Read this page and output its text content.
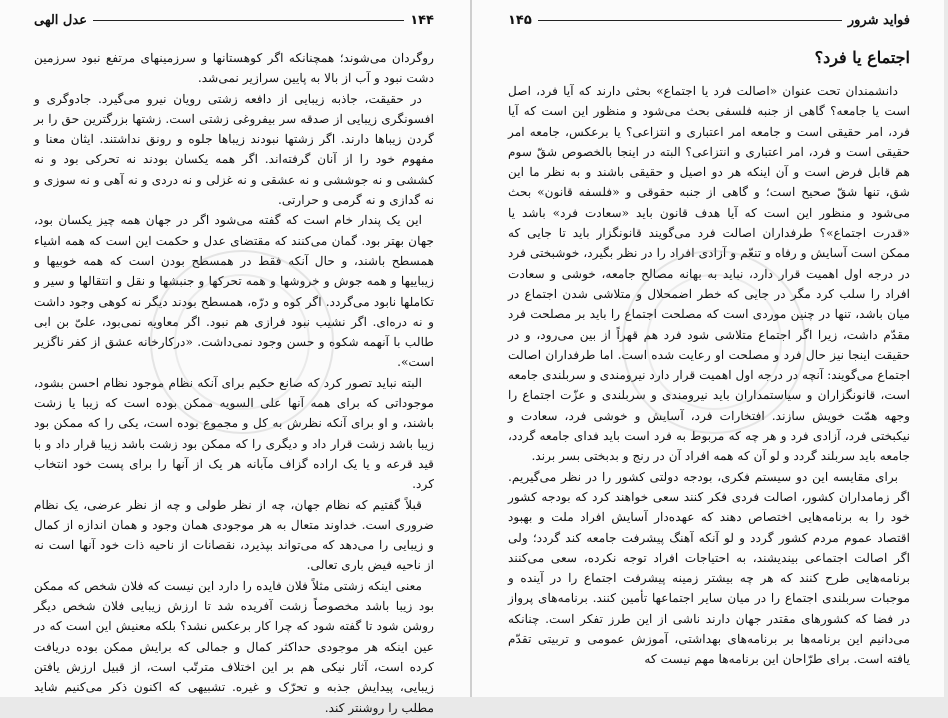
۱۴۴
عدل الهی

روگردان می‌شوند؛ همچنانکه اگر کوهستانها و سرزمینهای مرتفع نبود سرزمین دشت نبود و آب از بالا به پایین سرازیر نمی‌شد.

در حقیقت، جاذبه زیبایی از دافعه زشتی رویان نیرو می‌گیرد. جادوگری و افسونگری زیبایی از صدقه سر بیفروغی زشتی است. زشتها بزرگترین حق را بر گردن زیباها دارند. اگر زشتها نبودند زیباها جلوه و رونق نداشتند. ایثان معنا و مفهوم خود را از آنان گرفته‌اند. اگر همه یکسان بودند نه تحرکی بود و نه کششی و نه جوششی و نه عشقی و نه غزلی و نه دردی و نه آهی و نه سوزی و نه گدازی و نه گرمی و حرارتی.

این یک پندار خام است که گفته می‌شود اگر در جهان همه چیز یکسان بود، جهان بهتر بود. گمان می‌کنند که مقتضای عدل و حکمت این است که همه اشیاء همسطح باشند، و حال آنکه فقط در همسطح بودن است که همه خوبیها و زیباییها و همه جوش و خروشها و همه تحرکها و جنبشها و نقل و انتقالها و سیر و تکاملها نابود می‌گردد. اگر کوه و درّه، همسطح بودند دیگر نه کوهی وجود داشت و نه دره‌ای. اگر نشیب نبود فرازی هم نبود. اگر معاویه نمی‌بود، علیّ بن ابی طالب با آنهمه شکوه و حسن وجود نمی‌داشت. «درکارخانه عشق از کفر ناگزیر است».

البته نباید تصور کرد که صانع حکیم برای آنکه نظام موجود نظام احسن بشود، موجوداتی که برای همه آنها علی السویه ممکن بوده است که زیبا یا زشت باشند، و او برای آنکه نظرش به کل و مجموع بوده است، یکی را که ممکن بود زیبا باشد زشت قرار داد و دیگری را که ممکن بود زشت باشد زیبا قرار داد و با قید قرعه و یا یک اراده گزاف مآبانه هر یک از آنها را برای پست خود انتخاب کرد.

قبلاً گفتیم که نظام جهان، چه از نظر طولی و چه از نظر عرضی، یک نظام ضروری است. خداوند متعال به هر موجودی همان وجود و همان اندازه از کمال و زیبایی را می‌دهد که می‌تواند بپذیرد، نقصانات از ناحیه ذات خود آنها است نه از ناحیه فیض باری تعالی.

معنی اینکه زشتی مثلاً فلان فایده را دارد این نیست که فلان شخص که ممکن بود زیبا باشد مخصوصاً زشت آفریده شد تا ارزش زیبایی فلان شخص دیگر روشن شود تا گفته شود که چرا کار برعکس نشد؟ بلکه معنیش این است که در عین اینکه هر موجودی حداکثر کمال و جمالی که برایش ممکن بوده دریافت کرده است، آثار نیکی هم بر این اختلاف مترتّب است، از قبیل ارزش یافتن زیبایی، پیدایش جذبه و تحرّک و غیره. تشبیهی که اکنون ذکر می‌کنیم شاید مطلب را روشنتر کند.

فواید شرور
۱۴۵
اجتماع یا فرد؟

دانشمندان تحت عنوان «اصالت فرد یا اجتماع» بحثی دارند که آیا فرد، اصل است یا جامعه؟ گاهی از جنبه فلسفی بحث می‌شود و منظور این است که آیا فرد، امر حقیقی است و جامعه امر اعتباری و انتزاعی؟ یا برعکس، جامعه امر حقیقی است و فرد، امر اعتباری و انتزاعی؟ البته در اینجا بالخصوص شقّ سوم هم قابل فرض است و آن اینکه هر دو اصیل و حقیقی باشند و به نظر ما این شق، تنها شقّ صحیح است؛ و گاهی از جنبه حقوقی و «فلسفه قانون» بحث می‌شود و منظور این است که آیا هدف قانون باید «سعادت فرد» باشد یا «قدرت اجتماع»؟ طرفداران اصالت فرد می‌گویند قانونگزار باید تا جایی که ممکن است آسایش و رفاه و تنعّم و آزادی افراد را در نظر بگیرد، خوشبختی فرد در درجه اول اهمیت قرار دارد، نباید به بهانه مصالح جامعه، خوشی و سعادت افراد را سلب کرد مگر در جایی که خطر اضمحلال و متلاشی شدن اجتماع در میان باشد، تنها در چنین موردی است که مصلحت اجتماع را باید بر مصلحت فرد مقدّم داشت، زیرا اگر اجتماع متلاشی شود فرد هم قهراً از بین می‌رود، و در حقیقت اینجا نیز حال فرد و مصلحت او رعایت شده است. اما طرفداران اصالت اجتماع می‌گویند: آنچه در درجه اول اهمیت قرار دارد نیرومندی و سربلندی جامعه است، قانونگزاران و سیاستمداران باید نیرومندی و سربلندی و عزّت اجتماع را وجهه همّت خویش سازند. افتخارات فرد، آسایش و خوشی فرد، سعادت و نیکبختی فرد، آزادی فرد و هر چه که مربوط به فرد است باید فدای جامعه گردد، جامعه باید سربلند گردد و لو آن که همه افراد آن در رنج و بدبختی بسر برند.

برای مقایسه این دو سیستم فکری، بودجه دولتی کشور را در نظر می‌گیریم. اگر زمامداران کشور، اصالت فردی فکر کنند سعی خواهند کرد که بودجه کشور خود را به برنامه‌هایی اختصاص دهند که عهده‌دار آسایش افراد ملت و بهبود اقتصاد عموم مردم کشور گردد و لو آنکه آهنگ پیشرفت جامعه کند گردد؛ ولی اگر اصالت اجتماعی بیندیشند، به احتیاجات افراد توجه نکرده، سعی می‌کنند برنامه‌هایی طرح کنند که هر چه بیشتر زمینه پیشرفت اجتماع را در آینده و موجبات سربلندی اجتماع را در میان سایر اجتماعها تأمین کنند. برنامه‌های پرواز در فضا که کشورهای مقتدر جهان دارند ناشی از این طرز تفکر است. چنانکه می‌دانیم این برنامه‌ها بر برنامه‌های بهداشتی، آموزش عمومی و تربیتی تقدّم یافته است. برای طرّاحان این برنامه‌ها مهم نیست که
